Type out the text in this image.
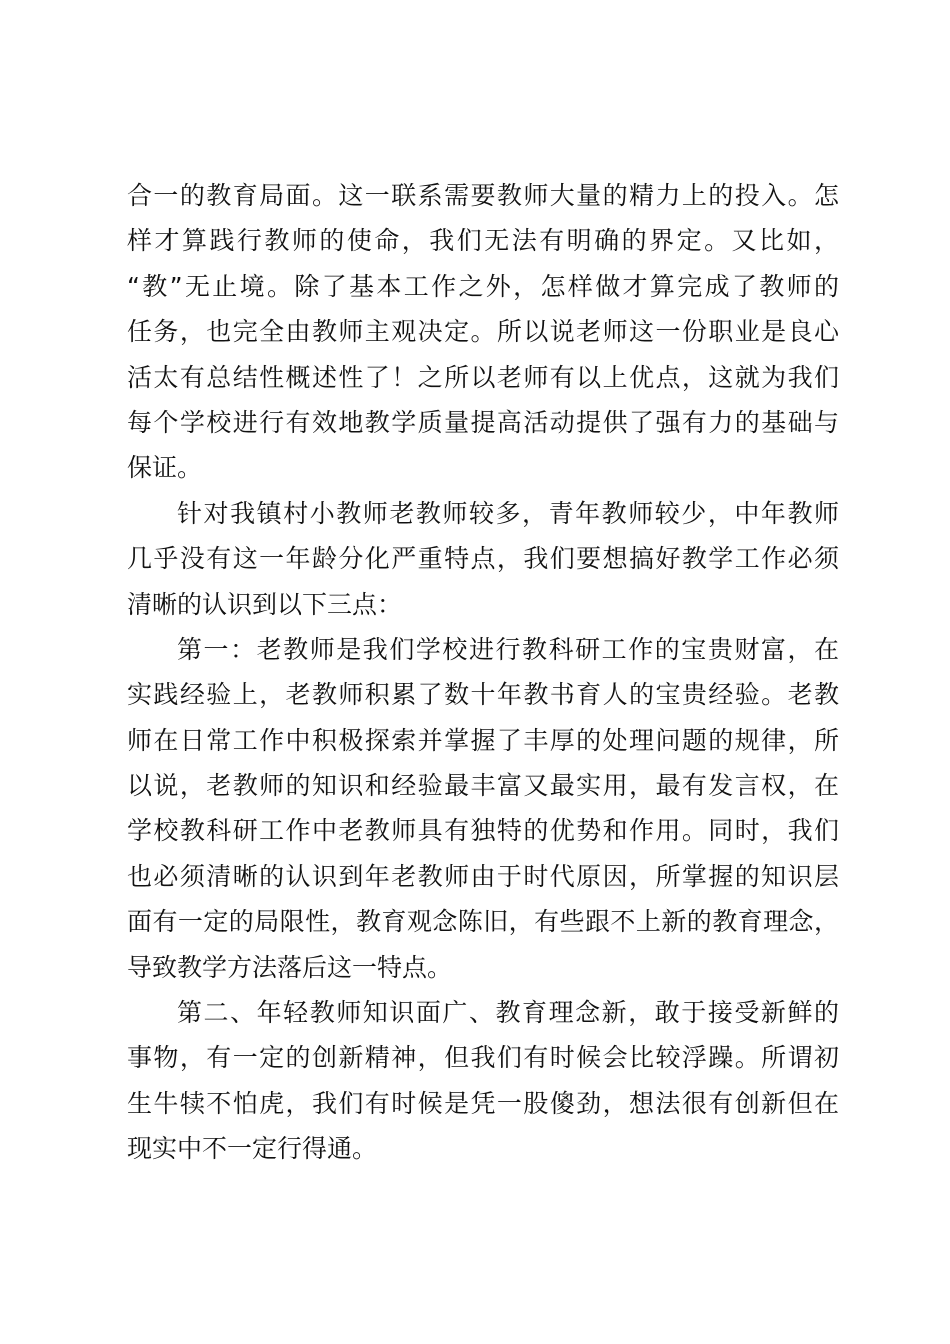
合一的教育局面。这一联系需要教师大量的精力上的投入。怎
样才算践行教师的使命，我们无法有明确的界定。又比如，
“教”无止境。除了基本工作之外，怎样做才算完成了教师的
任务，也完全由教师主观决定。所以说老师这一份职业是良心
活太有总结性概述性了！之所以老师有以上优点，这就为我们
每个学校进行有效地教学质量提高活动提供了强有力的基础与
保证。
针对我镇村小教师老教师较多，青年教师较少，中年教师
几乎没有这一年龄分化严重特点，我们要想搞好教学工作必须
清晰的认识到以下三点：
第一：老教师是我们学校进行教科研工作的宝贵财富，在
实践经验上，老教师积累了数十年教书育人的宝贵经验。老教
师在日常工作中积极探索并掌握了丰厚的处理问题的规律，所
以说，老教师的知识和经验最丰富又最实用，最有发言权，在
学校教科研工作中老教师具有独特的优势和作用。同时，我们
也必须清晰的认识到年老教师由于时代原因，所掌握的知识层
面有一定的局限性，教育观念陈旧，有些跟不上新的教育理念，
导致教学方法落后这一特点。
第二、年轻教师知识面广、教育理念新，敢于接受新鲜的
事物，有一定的创新精神，但我们有时候会比较浮躁。所谓初
生牛犊不怕虎，我们有时候是凭一股傻劲，想法很有创新但在
现实中不一定行得通。
